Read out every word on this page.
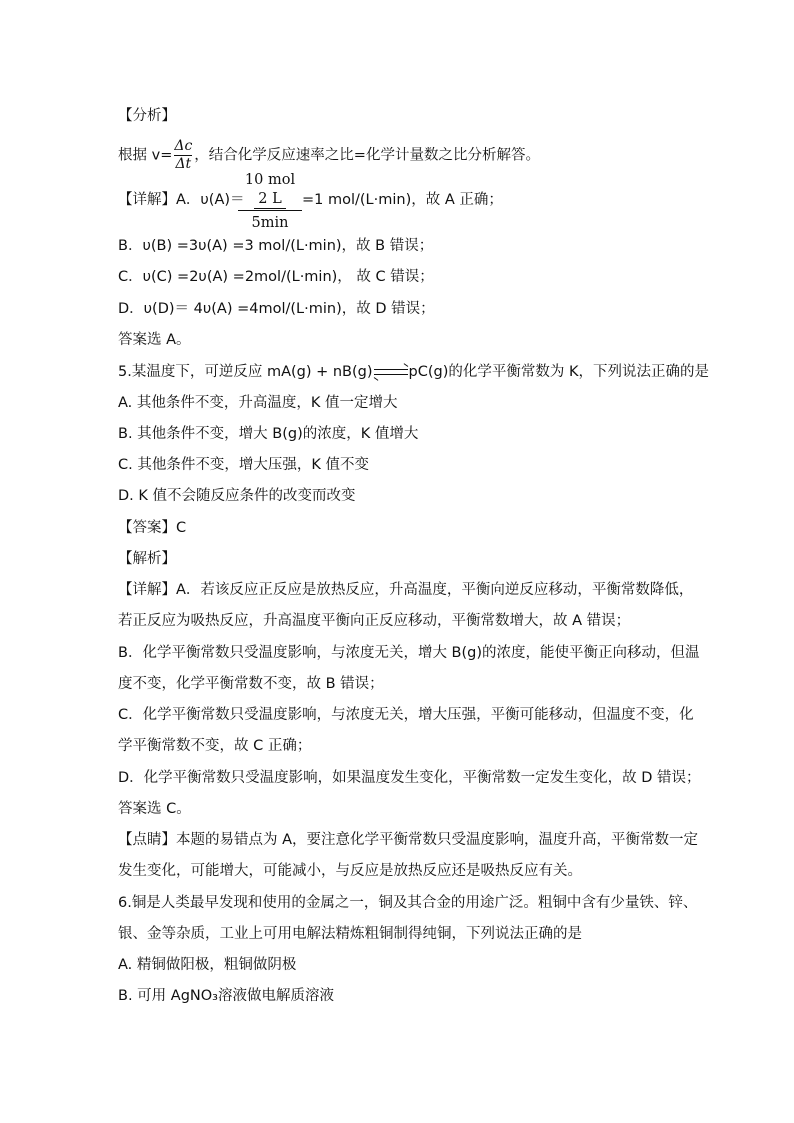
【分析】
根据 $v= \frac{\Delta c}{\Delta t}$ ，结合化学反应速率之比=化学计量数之比分析解答。
【详解】A．υ(A)＝
10 mol
2 L
5min
=1 mol/(L·min)，故 A 正确；
B．υ(B) =3υ(A) =3 mol/(L·min)，故 B 错误；
C．υ(C) =2υ(A) =2mol/(L·min)， 故 C 错误；
D．υ(D)＝ 4υ(A) =4mol/(L·min)，故 D 错误；
答案选 A。
5.某温度下，可逆反应 mA(g) + nB(g)⇌pC(g)的化学平衡常数为 K，下列说法正确的是
A. 其他条件不变，升高温度，K 值一定增大
B. 其他条件不变，增大 B(g)的浓度，K 值增大
C. 其他条件不变，增大压强，K 值不变
D. K 值不会随反应条件的改变而改变
【答案】C
【解析】
【详解】A．若该反应正反应是放热反应，升高温度，平衡向逆反应移动，平衡常数降低，
若正反应为吸热反应，升高温度平衡向正反应移动，平衡常数增大，故 A 错误；
B．化学平衡常数只受温度影响，与浓度无关，增大 B(g)的浓度，能使平衡正向移动，但温
度不变，化学平衡常数不变，故 B 错误；
C．化学平衡常数只受温度影响，与浓度无关，增大压强，平衡可能移动，但温度不变，化
学平衡常数不变，故 C 正确；
D．化学平衡常数只受温度影响，如果温度发生变化，平衡常数一定发生变化，故 D 错误；
答案选 C。
【点睛】本题的易错点为 A，要注意化学平衡常数只受温度影响，温度升高，平衡常数一定
发生变化，可能增大，可能减小，与反应是放热反应还是吸热反应有关。
6.铜是人类最早发现和使用的金属之一，铜及其合金的用途广泛。粗铜中含有少量铁、锌、
银、金等杂质，工业上可用电解法精炼粗铜制得纯铜，下列说法正确的是
A. 精铜做阳极，粗铜做阴极
B. 可用 AgNO₃溶液做电解质溶液
